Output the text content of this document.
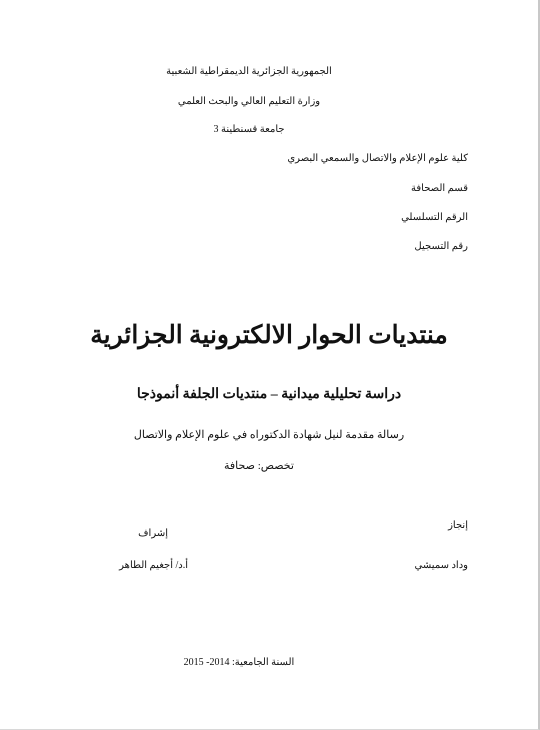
الجمهورية الجزائرية الديمقراطية الشعبية
وزارة التعليم العالي والبحث العلمي
جامعة قسنطينة 3
كلية علوم الإعلام والاتصال والسمعي البصري
قسم الصحافة
الرقم التسلسلي
رقم التسجيل
منتديات الحوار الالكترونية الجزائرية
دراسة تحليلية ميدانية – منتديات الجلفة أنموذجا
رسالة مقدمة لنيل شهادة الدكتوراه في علوم الإعلام والاتصال
تخصص: صحافة
إنجاز
إشراف
وداد سميشي
أ.د/ أجغيم الطاهر
السنة الجامعية: 2014- 2015
